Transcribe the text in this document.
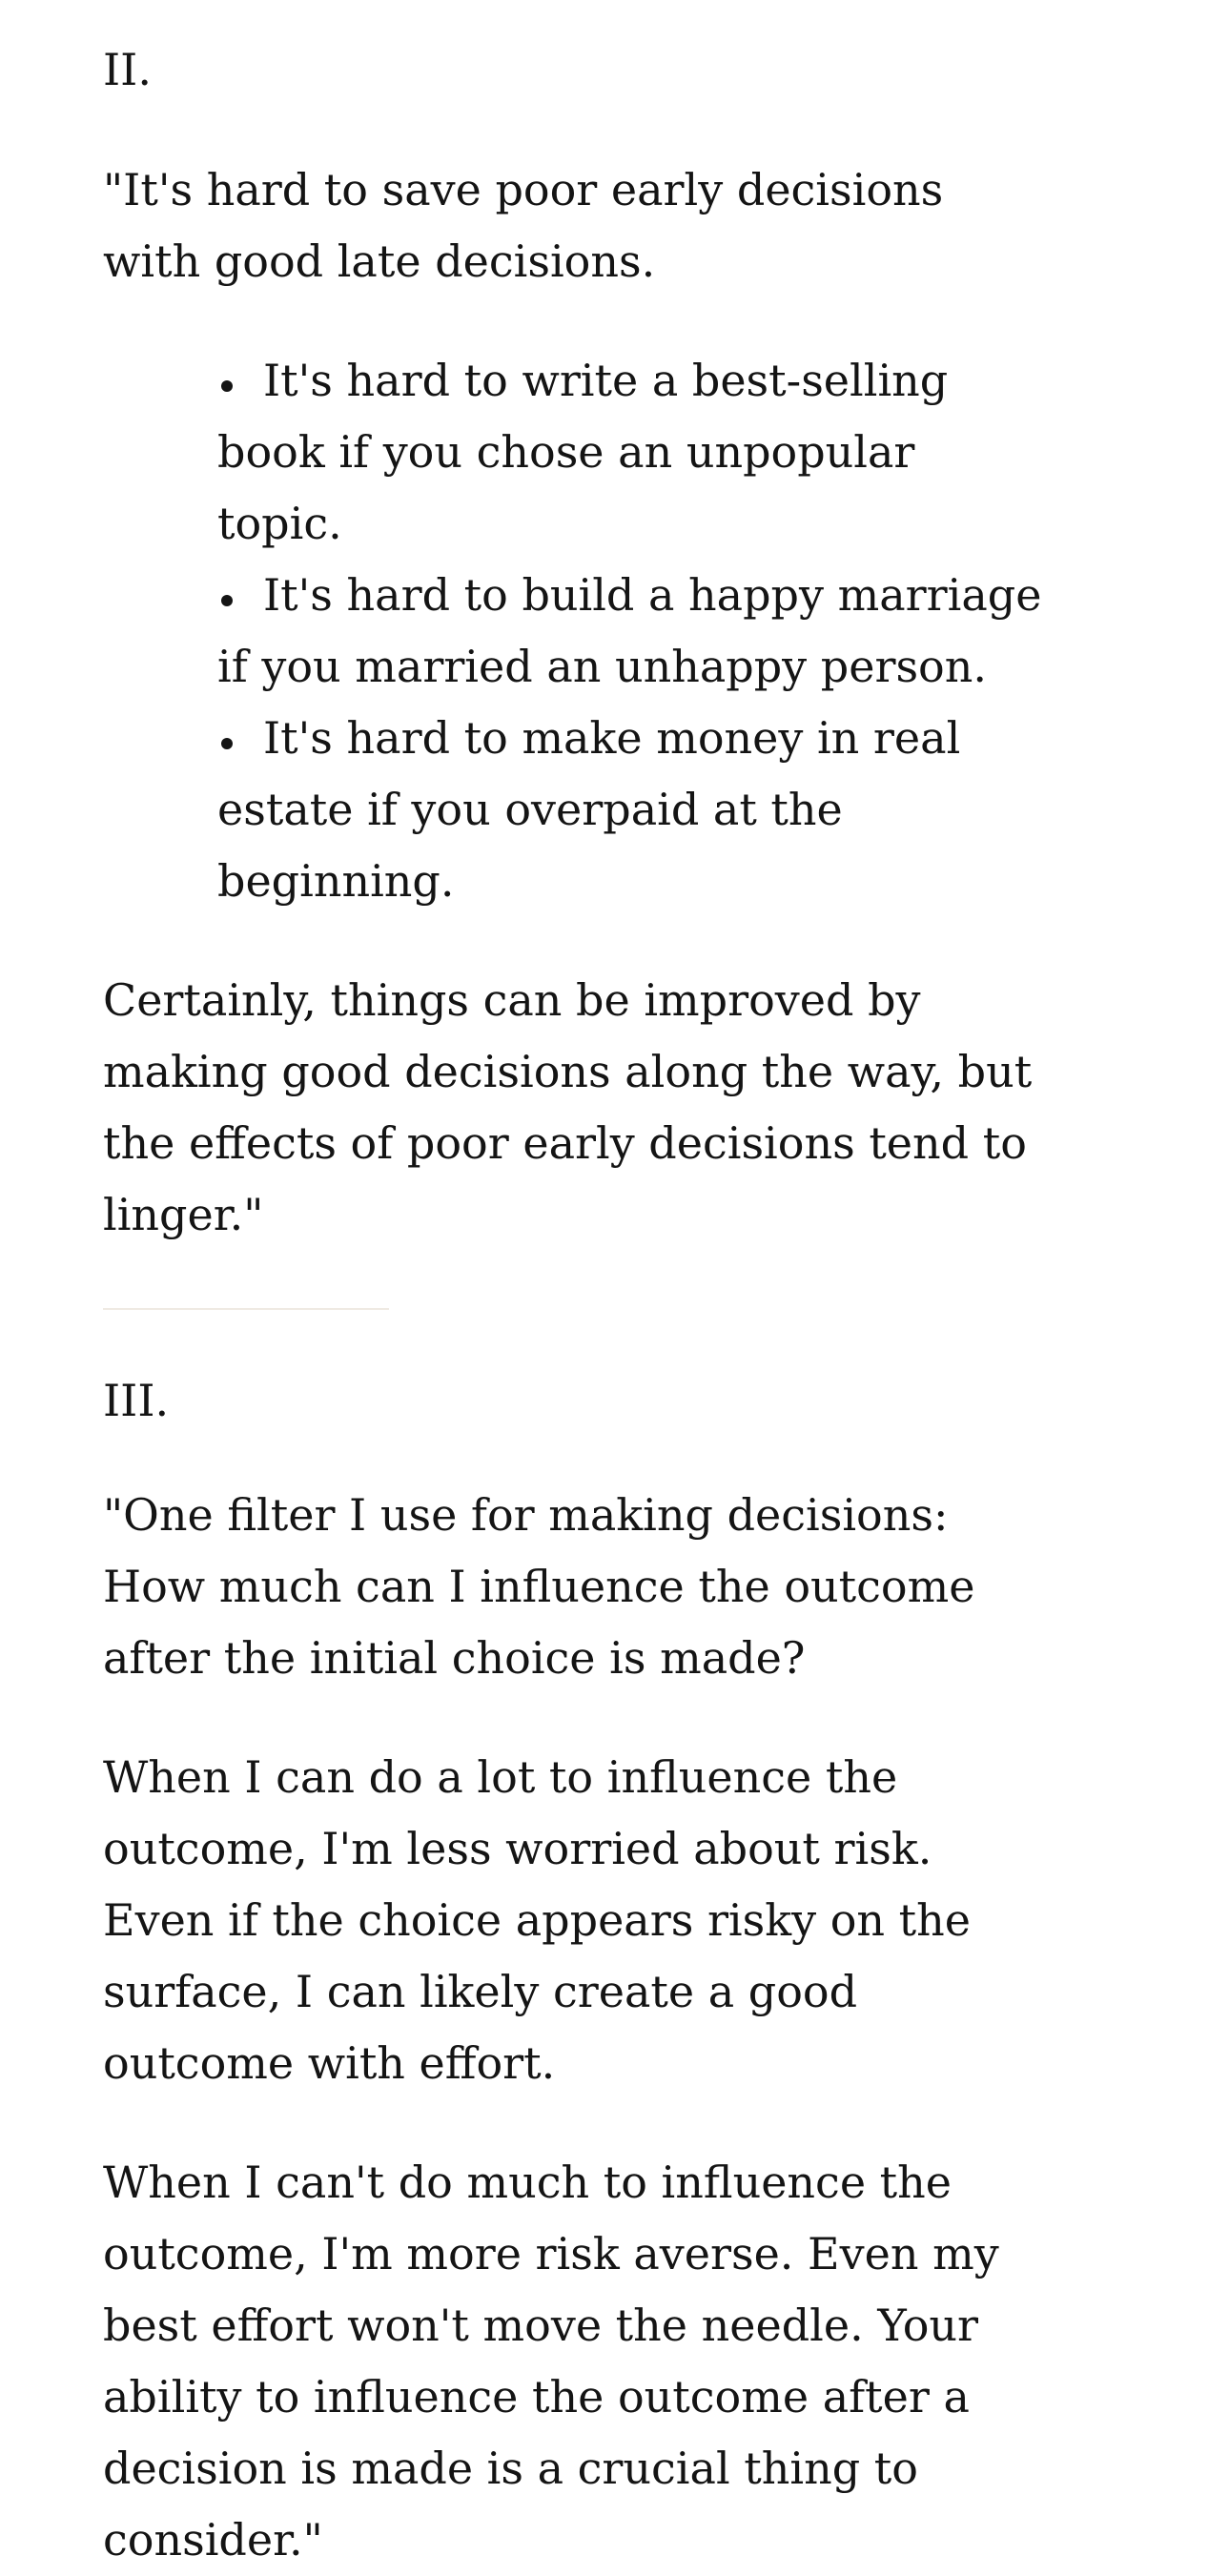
II.

"It's hard to save poor early decisions with good late decisions.

It's hard to write a best-selling book if you chose an unpopular topic.
It's hard to build a happy marriage if you married an unhappy person.
It's hard to make money in real estate if you overpaid at the beginning.

Certainly, things can be improved by making good decisions along the way, but the effects of poor early decisions tend to linger."

III.

"One filter I use for making decisions: How much can I influence the outcome after the initial choice is made?

When I can do a lot to influence the outcome, I'm less worried about risk. Even if the choice appears risky on the surface, I can likely create a good outcome with effort.

When I can't do much to influence the outcome, I'm more risk averse. Even my best effort won't move the needle. Your ability to influence the outcome after a decision is made is a crucial thing to consider."
